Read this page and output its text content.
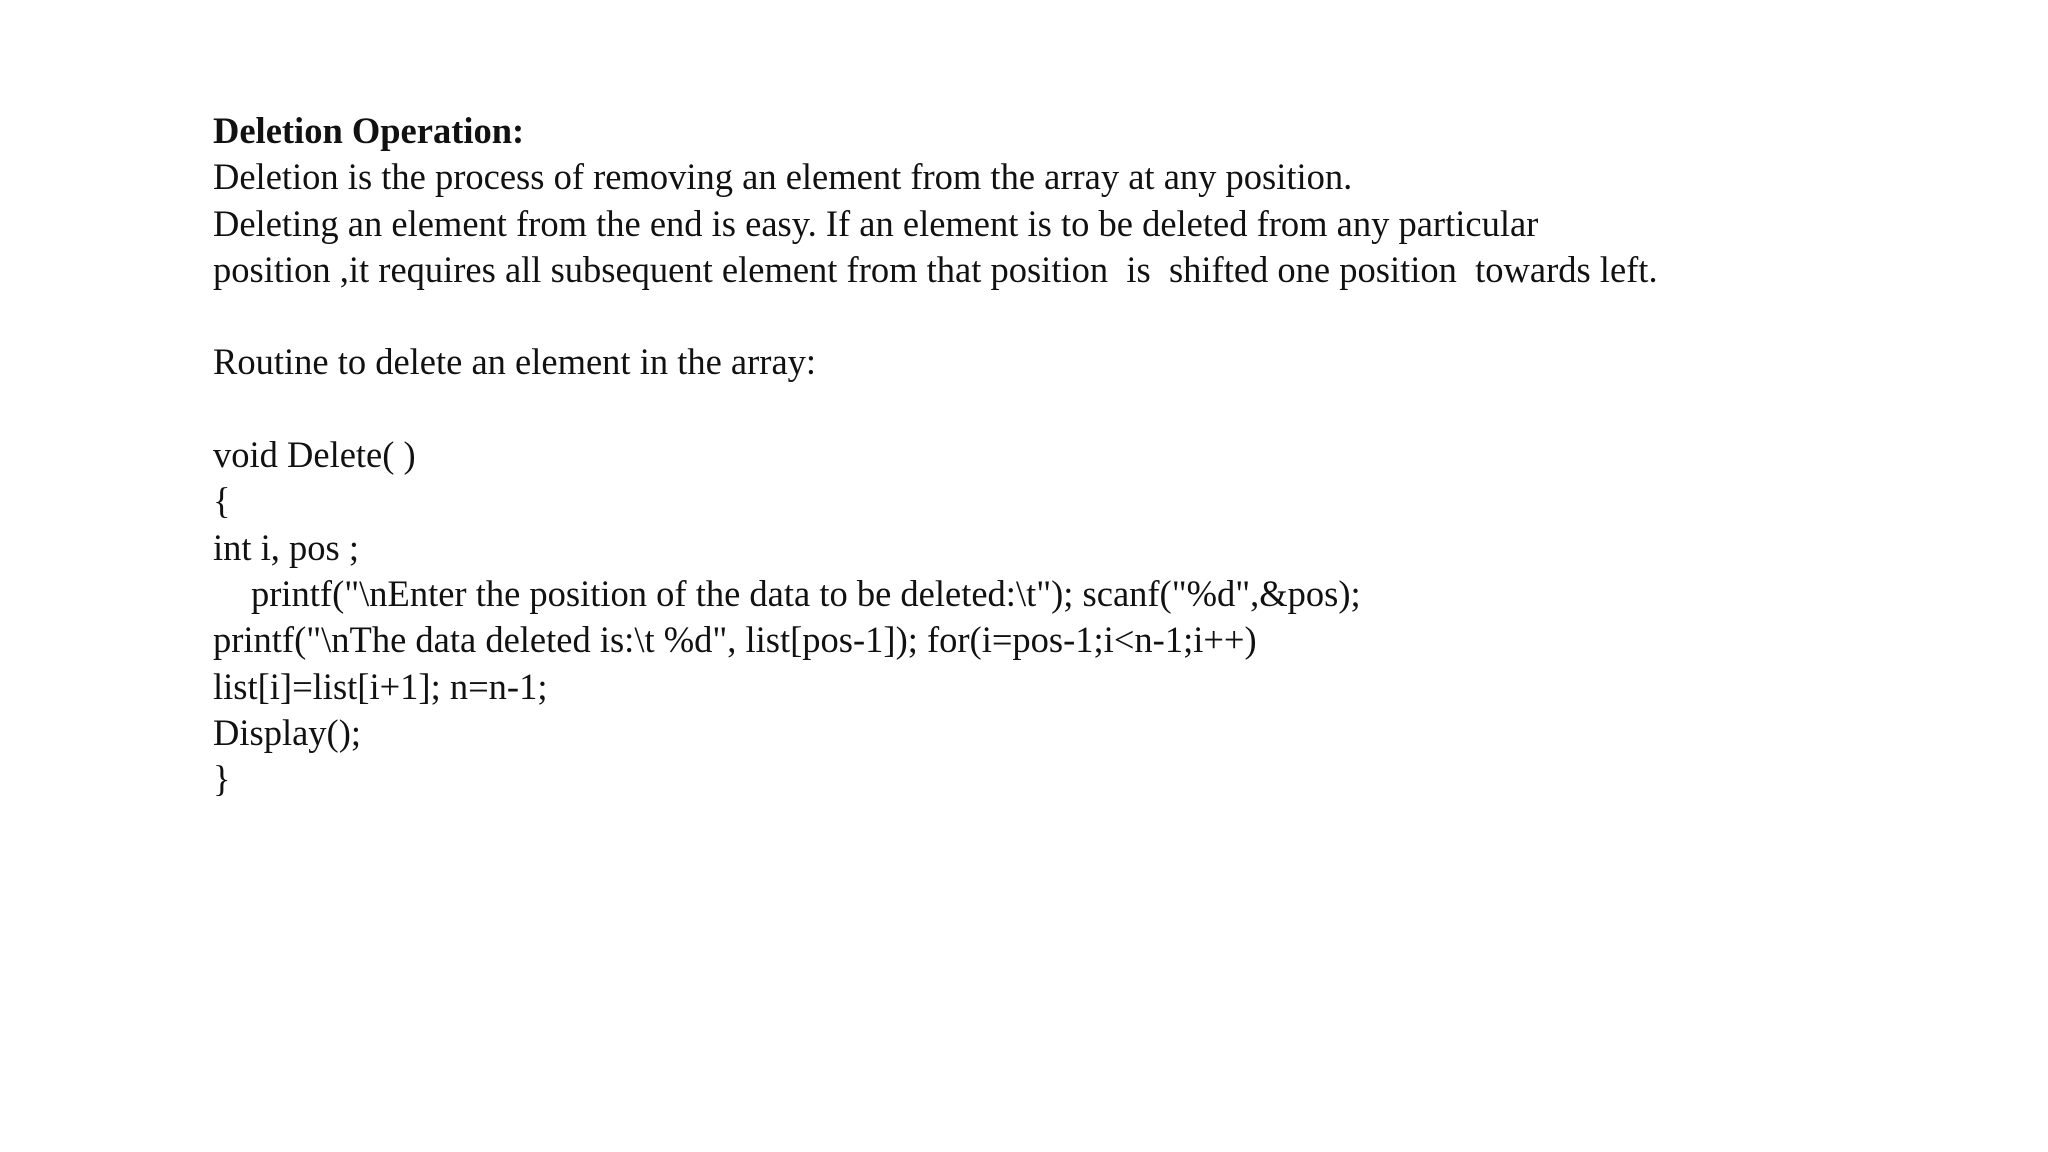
Deletion Operation:
Deletion is the process of removing an element from the array at any position.
Deleting an element from the end is easy. If an element is to be deleted from any particular
position ,it requires all subsequent element from that position  is  shifted one position  towards left.
Routine to delete an element in the array:
void Delete( )
{
int i, pos ;
printf("\nEnter the position of the data to be deleted:\t"); scanf("%d",&pos);
printf("\nThe data deleted is:\t %d", list[pos-1]); for(i=pos-1;i<n-1;i++)
list[i]=list[i+1]; n=n-1;
Display();
}
